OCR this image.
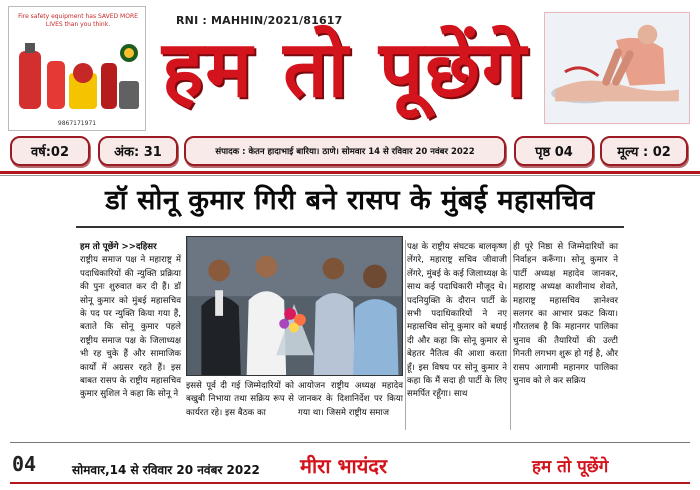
Fire safety equipment has SAVED MORE LIVES than you think.
9867171971
RNI : MAHHIN/2021/81617
हम तो पूछेंगे
वर्ष:02	अंक: 31	संपादक : केतन हादाभाई बारिया। ठाणे। सोमवार 14 से रविवार 20 नवंबर 2022	पृष्ठ 04	मूल्य : 02
डॉ सोनू कुमार गिरी बने रासप के मुंबई महासचिव

हम तो पूछेंगे >>दहिसर

राष्ट्रीय समाज पक्ष ने महाराष्ट्र में पदाधिकारियों की न्युक्ति प्रक्रिया की पुनः शुरुवात कर दी हैं। डॉ सोनू कुमार को मुंबई महासचिव के पद पर न्युक्ति किया गया हैं, बताते कि सोनू कुमार पहले राष्ट्रीय समाज पक्ष के जिलाध्यक्ष भी रह चुके हैं और सामाजिक कार्यों में अग्रसर रहते हैं। इस बाबत रासप के राष्ट्रीय महासचिव कुमार सुशिल ने कहा कि सोनू ने

इससे पूर्व दी गई जिम्मेदारियों को बखुबी निभाया तथा सक्रिय रूप से कार्यरत रहे। इस बैठक का
आयोजन राष्ट्रीय अध्यक्ष महादेव जानकर के दिशानिर्देश पर किया गया था। जिसमे राष्ट्रीय समाज
पक्ष के राष्ट्रीय संघटक बालकृष्ण लेंगरे, महाराष्ट्र सचिव जीवाजी लेंगरे, मुंबई के कई जिलाध्यक्ष के साथ कई पदाधिकारी मौजूद थे। पदनियुक्ति के दौरान पार्टी के सभी पदाधिकारियों ने नए महासचिव सोनू कुमार को बधाई दी और कहा कि सोनू कुमार से बेहतर नैतित्व की आशा करता हूँ। इस विषय पर सोनू कुमार ने कहा कि मैं सदा ही पार्टी के लिए समर्पित रहूँगा। साथ
ही पूरे निष्ठा से जिम्मेदारियों का निर्वाहन करूँगा। सोनू कुमार ने पार्टी अध्यक्ष महादेव जानकर, महाराष्ट्र अध्यक्ष काशीनाथ शेवते, महाराष्ट्र महासचिव ज्ञानेश्वर सलगर का आभार प्रकट किया। गौरतलब है कि महानगर पालिका चुनाव की तैयारियों की उल्टी गिनती लगभग शुरू हो गई है, और रासप आगामी महानगर पालिका चुनाव को ले कर सक्रिय
04	सोमवार,14 से रविवार 20 नवंबर 2022 मीरा भायंदर	हम तो पूछेंगे
